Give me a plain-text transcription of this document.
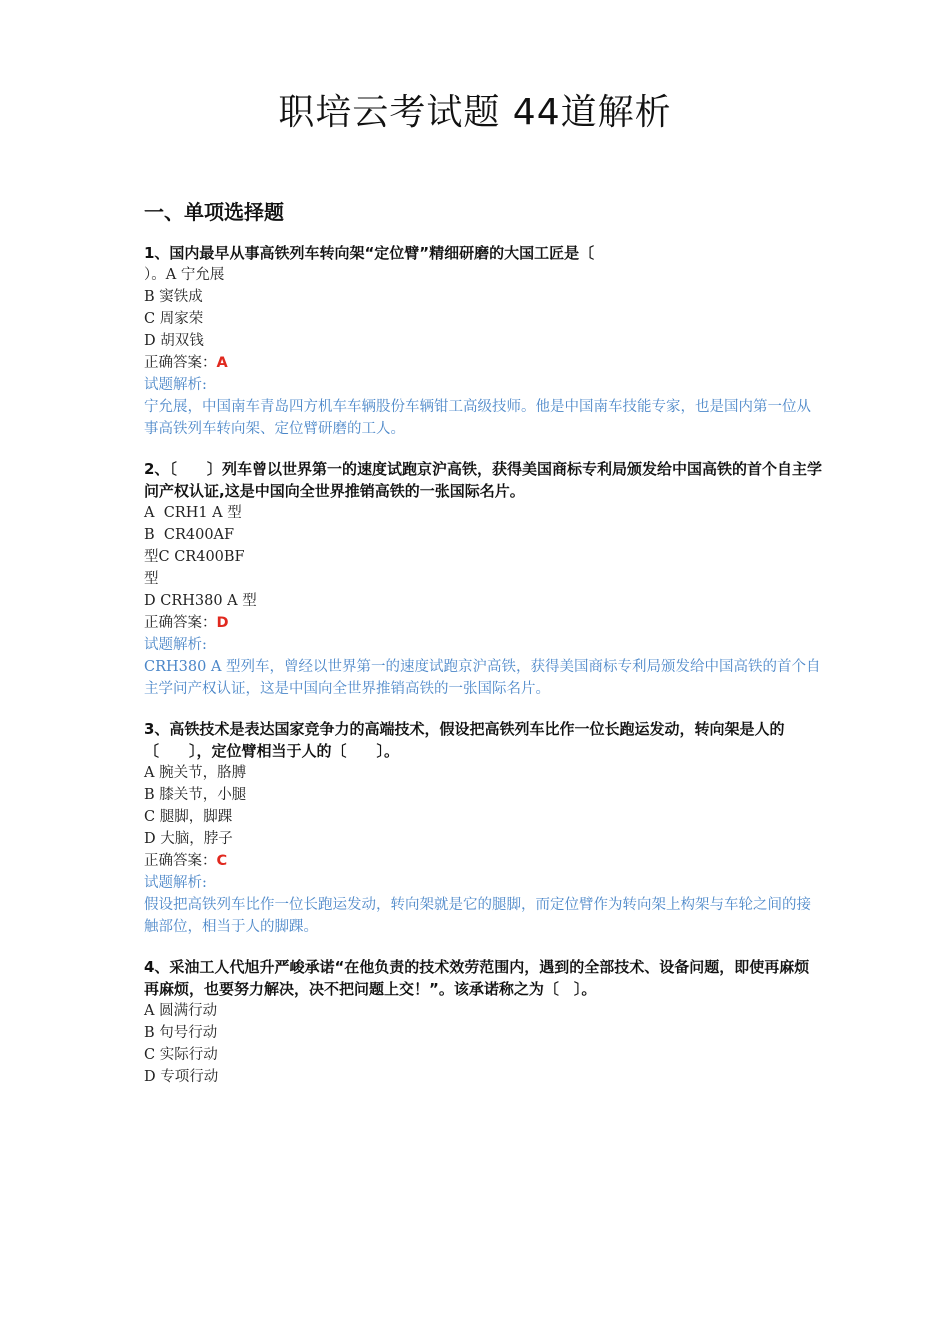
职培云考试题 44道解析
一、单项选择题

1、国内最早从事高铁列车转向架“定位臂”精细研磨的大国工匠是〔

）。A 宁允展

B 窦铁成

C 周家荣

D 胡双钱

正确答案：A

试题解析:

宁允展，中国南车青岛四方机车车辆股份车辆钳工高级技师。他是中国南车技能专家，也是国内第一位从事高铁列车转向架、定位臂研磨的工人。

2、〔　　〕列车曾以世界第一的速度试跑京沪高铁，获得美国商标专利局颁发给中国高铁的首个自主学问产权认证,这是中国向全世界推销高铁的一张国际名片。

A  CRH1 A 型

B  CR400AF

型C CR400BF

型

D CRH380 A 型

正确答案：D

试题解析:

CRH380 A 型列车，曾经以世界第一的速度试跑京沪高铁，获得美国商标专利局颁发给中国高铁的首个自主学问产权认证，这是中国向全世界推销高铁的一张国际名片。

3、高铁技术是表达国家竞争力的高端技术，假设把高铁列车比作一位长跑运发动，转向架是人的〔　　〕，定位臂相当于人的〔　　〕。

A 腕关节，胳膊

B 膝关节，小腿

C 腿脚，脚踝

D 大脑，脖子

正确答案：C

试题解析:

假设把高铁列车比作一位长跑运发动，转向架就是它的腿脚，而定位臂作为转向架上构架与车轮之间的接触部位，相当于人的脚踝。

4、采油工人代旭升严峻承诺“在他负责的技术效劳范围内，遇到的全部技术、设备问题，即使再麻烦再麻烦，也要努力解决，决不把问题上交！”。该承诺称之为〔　〕。

A 圆满行动

B 句号行动

C 实际行动

D 专项行动
